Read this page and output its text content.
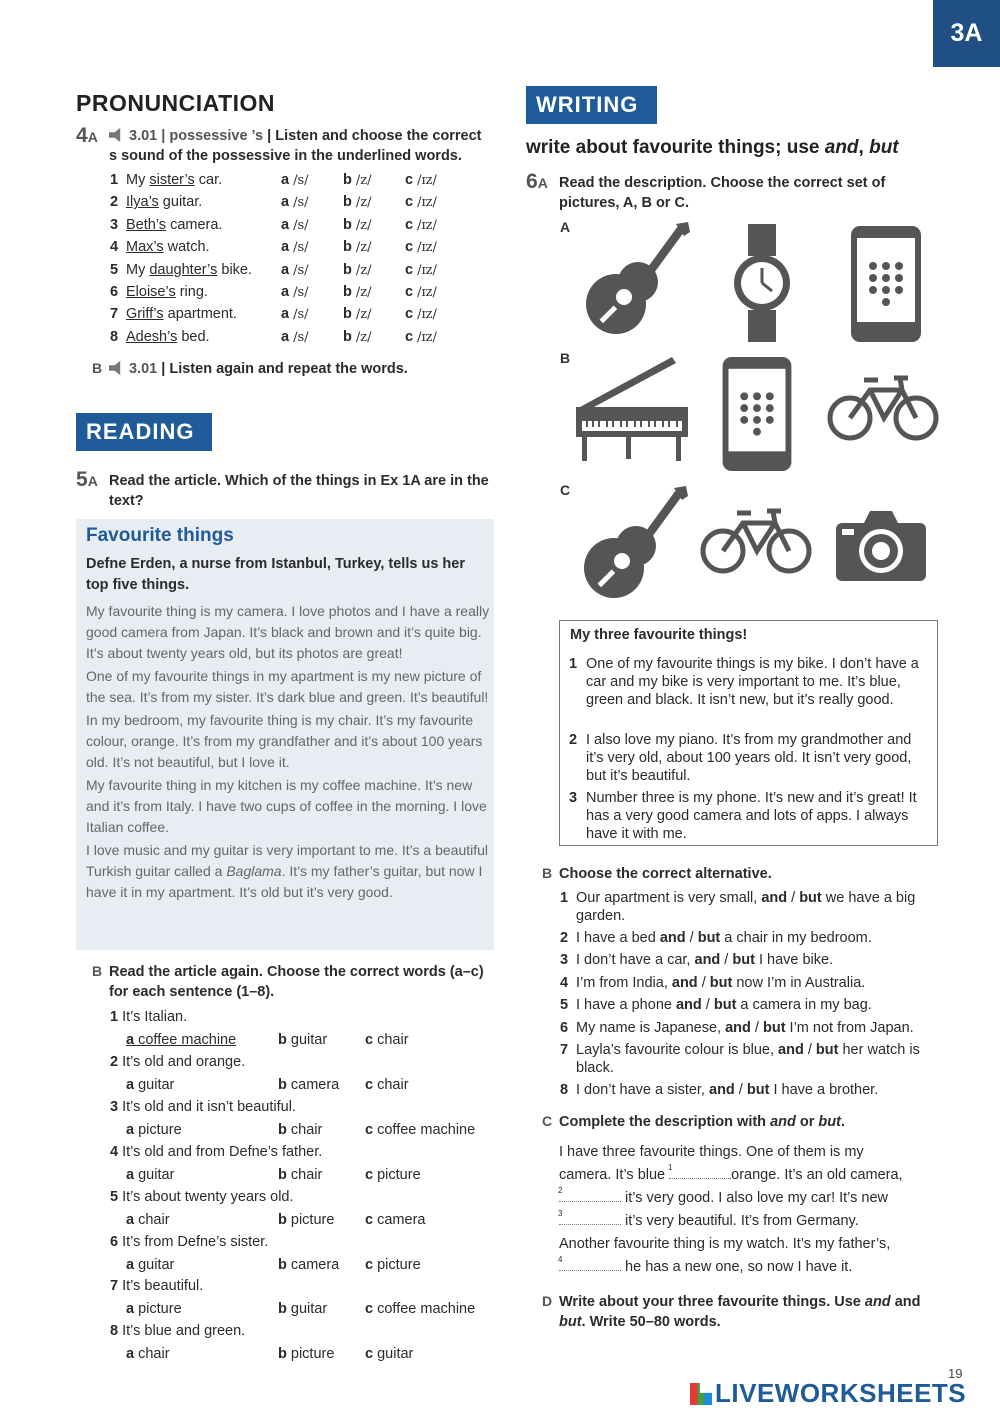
3A
PRONUNCIATION
4A	3.01 | possessive ’s | Listen and choose the correct
s sound of the possessive in the underlined words.
1 My sister’s car.	a /s/ b /z/ c /ɪz/
2 Ilya’s guitar.	a /s/ b /z/ c /ɪz/
3 Beth’s camera.	a /s/ b /z/ c /ɪz/
4 Max’s watch.	a /s/ b /z/ c /ɪz/
5 My daughter’s bike. a /s/ b /z/ c /ɪz/
6 Eloise’s ring.	a /s/ b /z/ c /ɪz/
7 Griff’s apartment.	a /s/ b /z/ c /ɪz/
8 Adesh’s bed.	a /s/ b /z/ c /ɪz/
B	3.01 | Listen again and repeat the words.
READING
5A Read the article. Which of the things in Ex 1A are in the text?
Favourite things
Defne Erden, a nurse from Istanbul, Turkey, tells us her top five things.

My favourite thing is my camera. I love photos and I have a really good camera from Japan. It’s black and brown and it’s quite big. It’s about twenty years old, but its photos are great!

One of my favourite things in my apartment is my new picture of the sea. It’s from my sister. It’s dark blue and green. It’s beautiful!

In my bedroom, my favourite thing is my chair. It’s my favourite colour, orange. It’s from my grandfather and it’s about 100 years old. It’s not beautiful, but I love it.

My favourite thing in my kitchen is my coffee machine. It’s new and it’s from Italy. I have two cups of coffee in the morning. I love Italian coffee.

I love music and my guitar is very important to me. It’s a beautiful Turkish guitar called a Baglama. It’s my father’s guitar, but now I have it in my apartment. It’s old but it’s very good.

B Read the article again. Choose the correct words (a–c) for each sentence (1–8).
1 It’s Italian.
a coffee machine	b guitar	c chair
2 It’s old and orange.
a guitar	b camera c chair
3 It’s old and it isn’t beautiful.
a picture	b chair	c coffee machine
4 It’s old and from Defne’s father.
a guitar	b chair	c picture
5 It’s about twenty years old.
a chair	b picture c camera
6 It’s from Defne’s sister.
a guitar	b camera c picture
7 It’s beautiful.
a picture	b guitar	c coffee machine
8 It’s blue and green.
a chair	b picture c guitar
WRITING
write about favourite things; use and, but
6A Read the description. Choose the correct set of pictures, A, B or C.
A
B
C
My three favourite things!
1 One of my favourite things is my bike. I don’t have a car and my bike is very important to me. It’s blue, green and black. It isn’t new, but it’s really good.
2 I also love my piano. It’s from my grandmother and it’s very old, about 100 years old. It isn’t very good, but it’s beautiful.
3 Number three is my phone. It’s new and it’s great! It has a very good camera and lots of apps. I always have it with me.
B Choose the correct alternative.
1 Our apartment is very small, and / but we have a big garden.
2 I have a bed and / but a chair in my bedroom.
3 I don’t have a car, and / but I have bike.
4 I’m from India, and / but now I’m in Australia.
5 I have a phone and / but a camera in my bag.
6 My name is Japanese, and / but I’m not from Japan.
7 Layla’s favourite colour is blue, and / but her watch is black.
8 I don’t have a sister, and / but I have a brother.
C Complete the description with and or but.
I have three favourite things. One of them is my
camera. It’s blue 1	orange. It’s an old camera,
2	it’s very good. I also love my car! It’s new
3	it’s very beautiful. It’s from Germany.
Another favourite thing is my watch. It’s my father’s,
4	he has a new one, so now I have it.
D Write about your three favourite things. Use and and
but. Write 50–80 words.
19
LIVEWORKSHEETS
